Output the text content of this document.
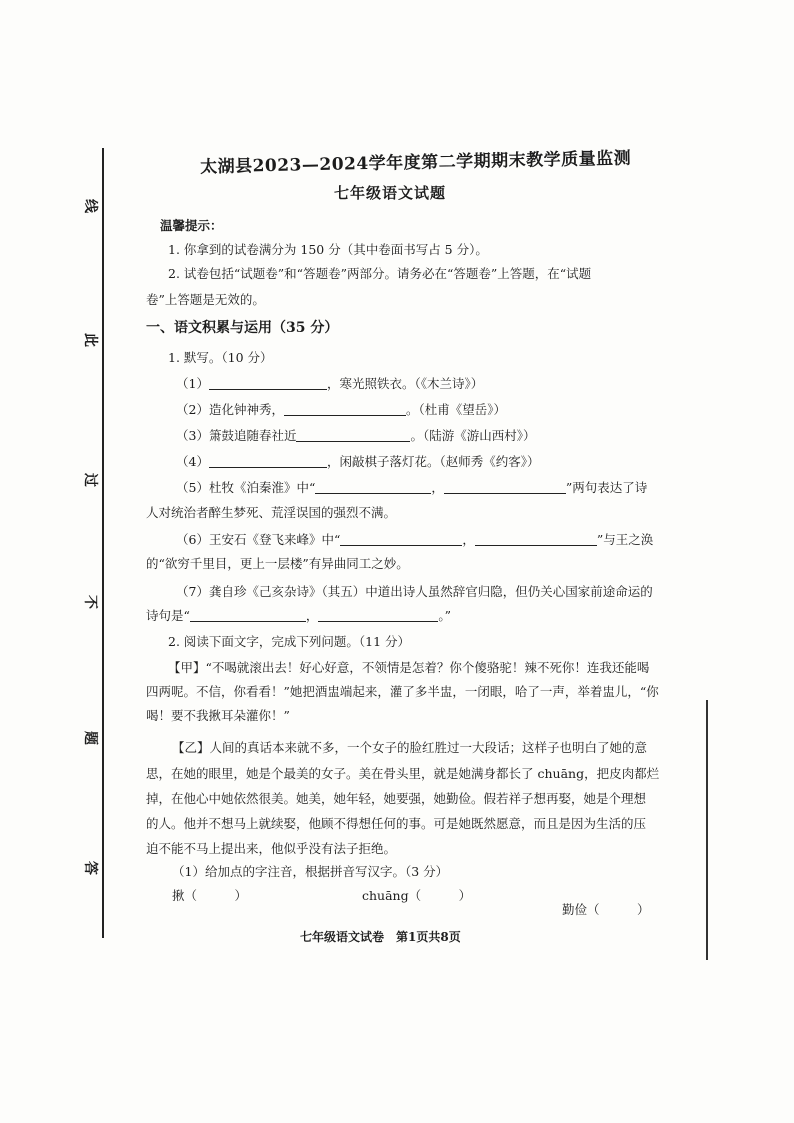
线
此
过
不
题
答
太湖县2023—2024学年度第二学期期末教学质量监测
七年级语文试题
温馨提示：
1. 你拿到的试卷满分为 150 分（其中卷面书写占 5 分）。
2. 试卷包括“试题卷”和“答题卷”两部分。请务必在“答题卷”上答题，在“试题
卷”上答题是无效的。
一、语文积累与运用（35 分）
1. 默写。（10 分）
（1）	，寒光照铁衣。（《木兰诗》）
（2）造化钟神秀，	。（杜甫《望岳》）
（3）箫鼓追随春社近	。（陆游《游山西村》）
（4）	，闲敲棋子落灯花。（赵师秀《约客》）
（5）杜牧《泊秦淮》中“	，	”两句表达了诗
人对统治者醉生梦死、荒淫误国的强烈不满。
（6）王安石《登飞来峰》中“	，	”与王之涣
的“欲穷千里目，更上一层楼”有异曲同工之妙。
（7）龚自珍《己亥杂诗》（其五）中道出诗人虽然辞官归隐，但仍关心国家前途命运的
诗句是“	，	。”
2. 阅读下面文字，完成下列问题。（11 分）
【甲】“不喝就滚出去！好心好意，不领情是怎着？你个傻骆驼！辣不死你！连我还能喝
四两呢。不信，你看看！”她把酒盅端起来，灌了多半盅，一闭眼，哈了一声，举着盅儿，“你
喝！要不我揪耳朵灌你！”
【乙】人间的真话本来就不多，一个女子的脸红胜过一大段话；这样子也明白了她的意
思，在她的眼里，她是个最美的女子。美在骨头里，就是她满身都长了 chuāng，把皮肉都烂
掉，在他心中她依然很美。她美，她年轻，她要强，她勤俭。假若祥子想再娶，她是个理想
的人。他并不想马上就续娶，他顾不得想任何的事。可是她既然愿意，而且是因为生活的压
迫不能不马上提出来，他似乎没有法子拒绝。
（1）给加点的字注音，根据拼音写汉字。（3 分）
揪（　　　）	chuāng（　　　）
勤俭（　　　）
七年级语文试卷　第1页共8页
